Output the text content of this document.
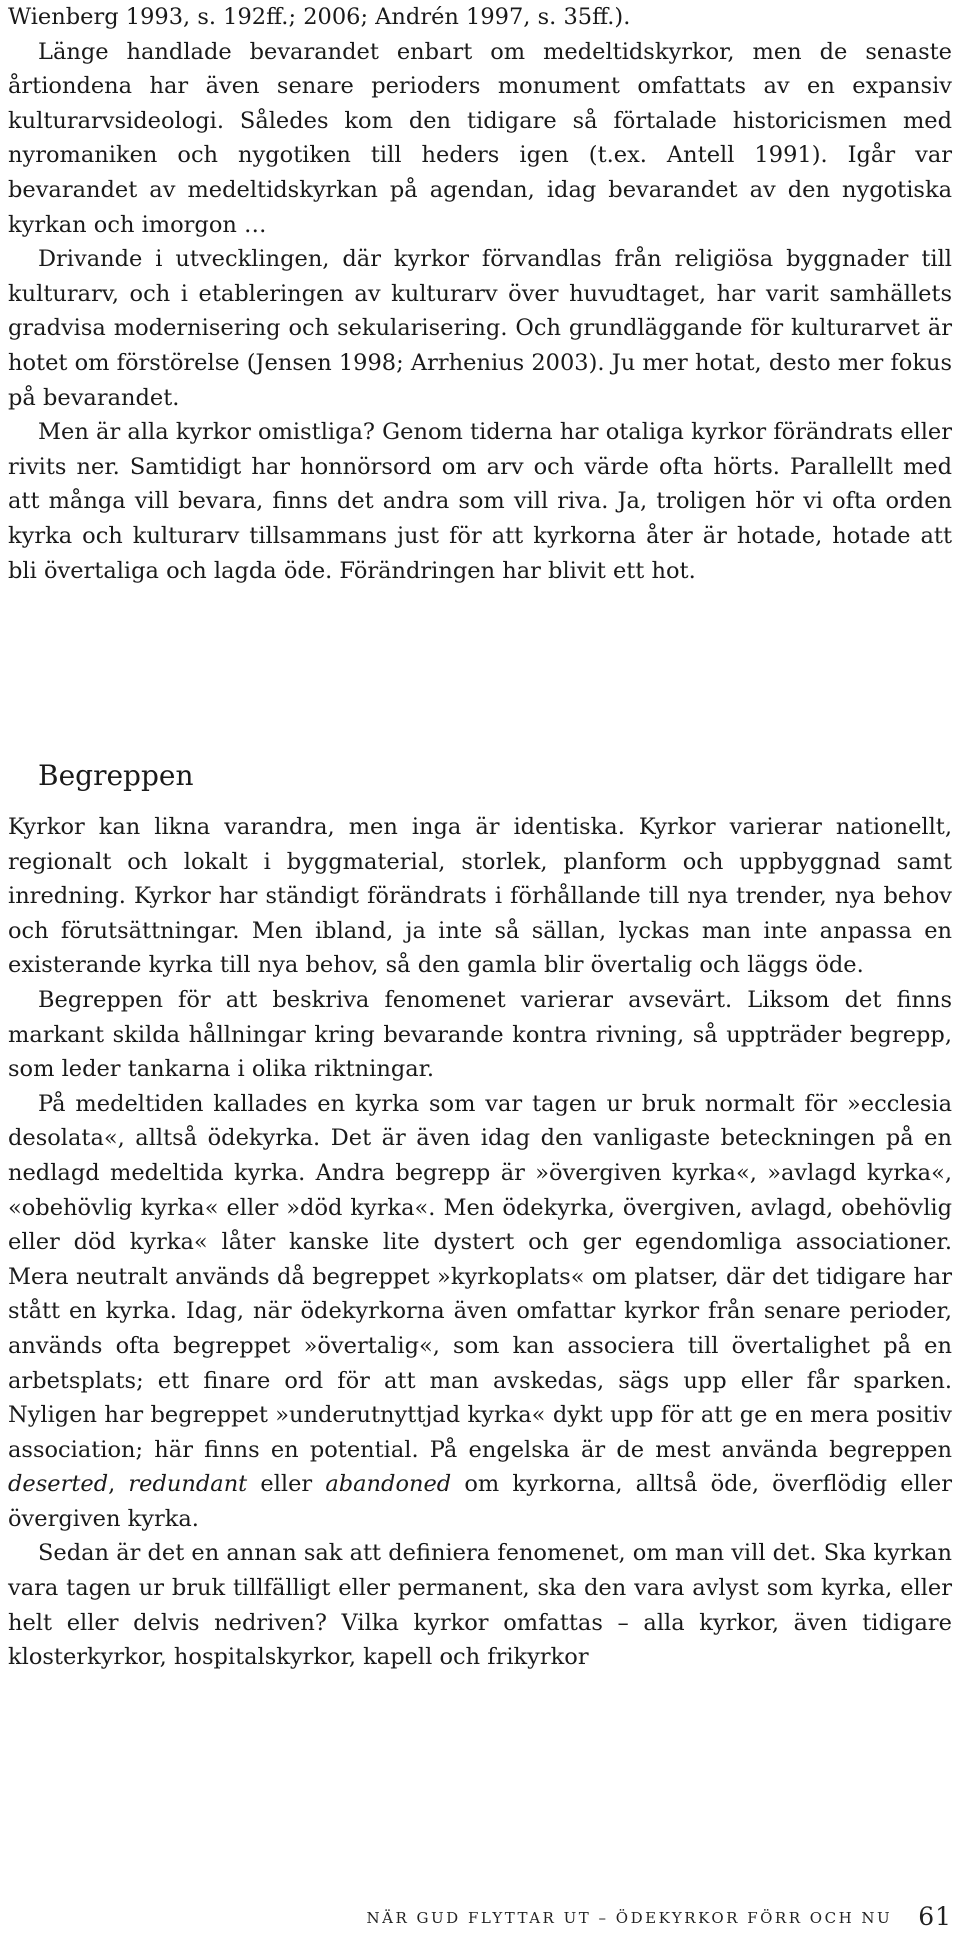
Wienberg 1993, s. 192ff.; 2006; Andrén 1997, s. 35ff.).

Länge handlade bevarandet enbart om medeltidskyrkor, men de senaste årtiondena har även senare perioders monument omfattats av en expansiv kulturarvsideologi. Således kom den tidigare så förtalade historicismen med nyromaniken och nygotiken till heders igen (t.ex. Antell 1991). Igår var bevarandet av medeltidskyrkan på agendan, idag bevarandet av den nygotiska kyrkan och imorgon …

Drivande i utvecklingen, där kyrkor förvandlas från religiösa byggnader till kulturarv, och i etableringen av kulturarv över huvudtaget, har varit samhällets gradvisa modernisering och sekularisering. Och grundläggande för kulturarvet är hotet om förstörelse (Jensen 1998; Arrhenius 2003). Ju mer hotat, desto mer fokus på bevarandet.

Men är alla kyrkor omistliga? Genom tiderna har otaliga kyrkor förändrats eller rivits ner. Samtidigt har honnörsord om arv och värde ofta hörts. Parallellt med att många vill bevara, finns det andra som vill riva. Ja, troligen hör vi ofta orden kyrka och kulturarv tillsammans just för att kyrkorna åter är hotade, hotade att bli övertaliga och lagda öde. Förändringen har blivit ett hot.

Begreppen

Kyrkor kan likna varandra, men inga är identiska. Kyrkor varierar nationellt, regionalt och lokalt i byggmaterial, storlek, planform och uppbyggnad samt inredning. Kyrkor har ständigt förändrats i förhållande till nya trender, nya behov och förutsättningar. Men ibland, ja inte så sällan, lyckas man inte anpassa en existerande kyrka till nya behov, så den gamla blir övertalig och läggs öde.

Begreppen för att beskriva fenomenet varierar avsevärt. Liksom det finns markant skilda hållningar kring bevarande kontra rivning, så uppträder begrepp, som leder tankarna i olika riktningar.

På medeltiden kallades en kyrka som var tagen ur bruk normalt för »ecclesia desolata«, alltså ödekyrka. Det är även idag den vanligaste beteckningen på en nedlagd medeltida kyrka. Andra begrepp är »övergiven kyrka«, »avlagd kyrka«, «obehövlig kyrka« eller »död kyrka«. Men ödekyrka, övergiven, avlagd, obehövlig eller död kyrka« låter kanske lite dystert och ger egendomliga associationer. Mera neutralt används då begreppet »kyrkoplats« om platser, där det tidigare har stått en kyrka. Idag, när ödekyrkorna även omfattar kyrkor från senare perioder, används ofta begreppet »övertalig«, som kan associera till övertalighet på en arbetsplats; ett finare ord för att man avskedas, sägs upp eller får sparken. Nyligen har begreppet »underutnyttjad kyrka« dykt upp för att ge en mera positiv association; här finns en potential. På engelska är de mest använda begreppen deserted, redundant eller abandoned om kyrkorna, alltså öde, överflödig eller övergiven kyrka.

Sedan är det en annan sak att definiera fenomenet, om man vill det. Ska kyrkan vara tagen ur bruk tillfälligt eller permanent, ska den vara avlyst som kyrka, eller helt eller delvis nedriven? Vilka kyrkor omfattas – alla kyrkor, även tidigare klosterkyrkor, hospitalskyrkor, kapell och frikyrkor

NÄR GUD FLYTTAR UT – ÖDEKYRKOR FÖRR OCH NU 61
